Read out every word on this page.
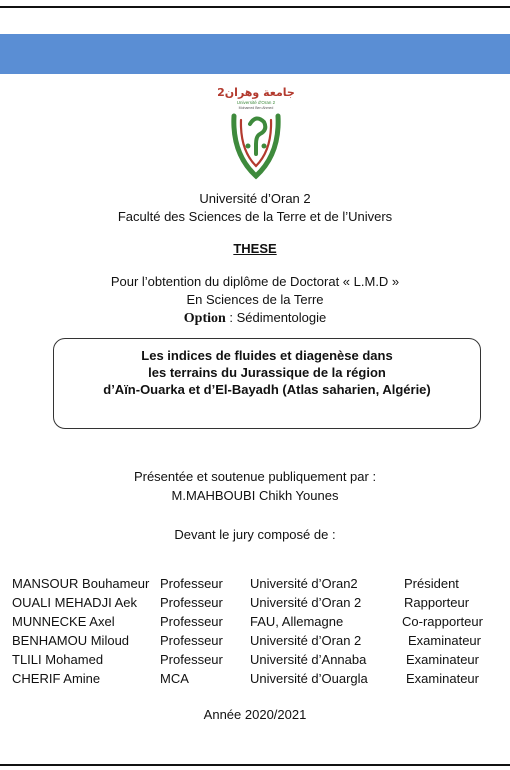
جامعة وهران2
Université d'Oran 2
Mohamed Ben Ahmed
Université d’Oran 2
Faculté des Sciences de la Terre et de l’Univers
THESE
Pour l’obtention du diplôme de Doctorat « L.M.D »
En Sciences de la Terre
Option : Sédimentologie
Les indices de fluides et diagenèse dans
les terrains du Jurassique de la région
d’Aïn-Ouarka et d’El-Bayadh (Atlas saharien, Algérie)
Présentée et soutenue publiquement par :
M.MAHBOUBI Chikh Younes
Devant le jury composé de :
MANSOUR Bouhameur Professeur Université d’Oran2	Président
OUALI MEHADJI Aek Professeur Université d’Oran 2	Rapporteur
MUNNECKE Axel	Professeur FAU, Allemagne	Co-rapporteur
BENHAMOU Miloud Professeur Université d’Oran 2	Examinateur
TLILI Mohamed	Professeur Université d’Annaba	Examinateur
CHERIF Amine	MCA	Université d’Ouargla	Examinateur
Année 2020/2021
